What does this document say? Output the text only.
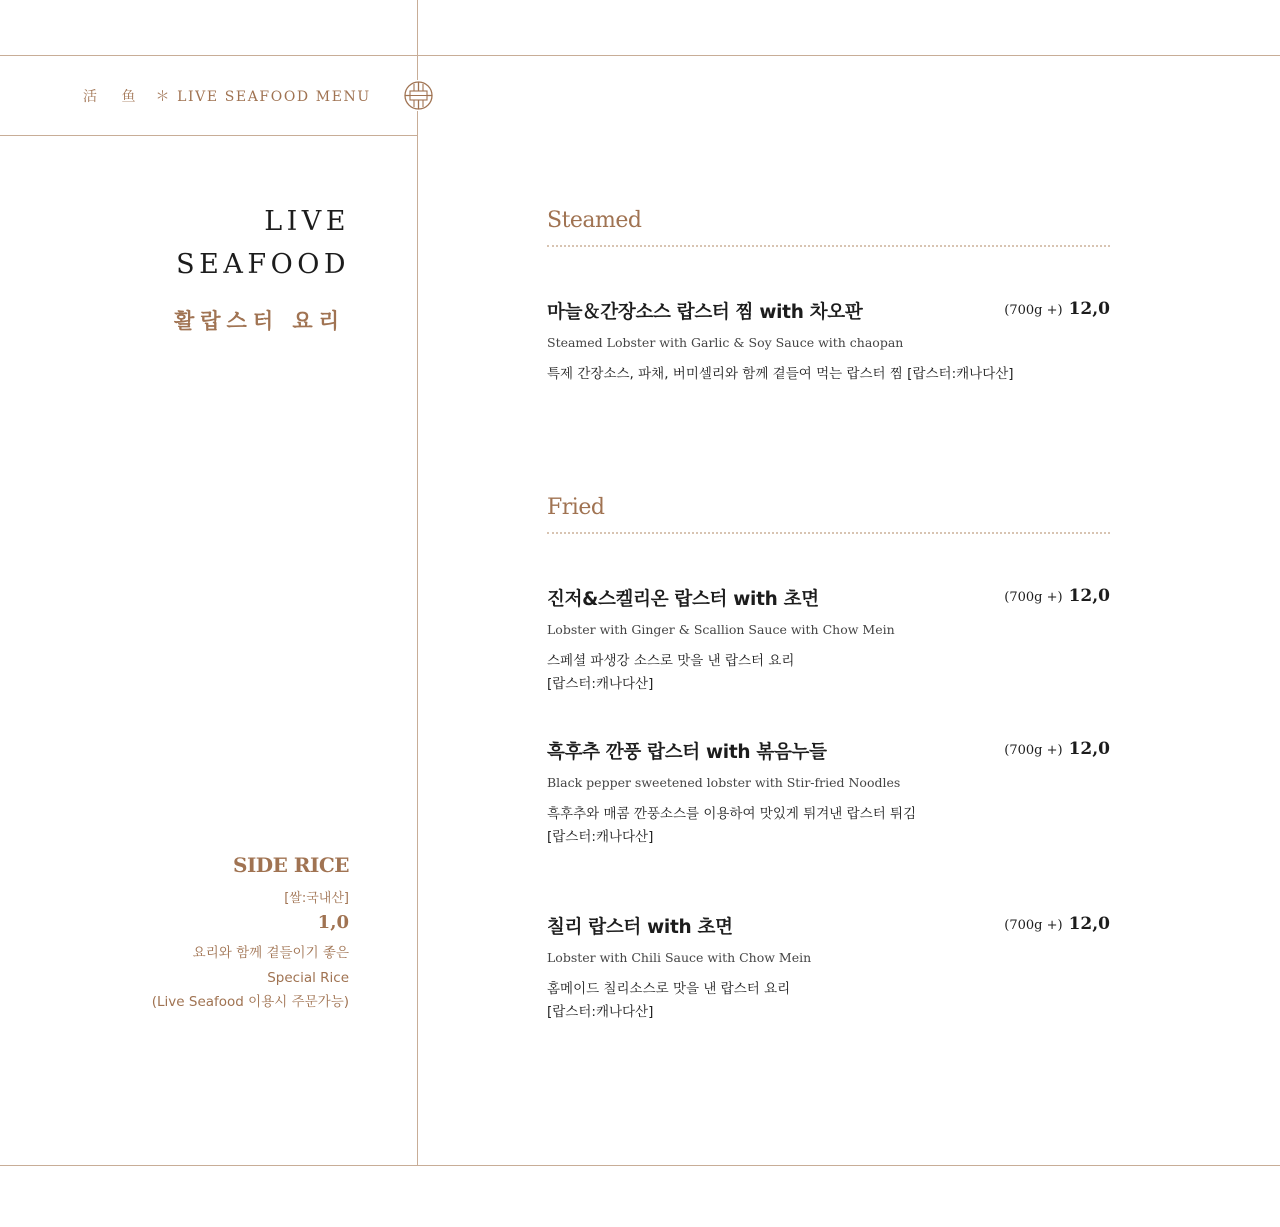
活 鱼 ＊ LIVE SEAFOOD MENU
LIVE
SEAFOOD
활랍스터 요리
SIDE RICE
[쌀:국내산]
1,0
요리와 함께 곁들이기 좋은
Special Rice
(Live Seafood 이용시 주문가능)
Steamed
마늘＆간장소스 랍스터 찜 with 차오판	(700g +) 12,0
Steamed Lobster with Garlic & Soy Sauce with chaopan
특제 간장소스, 파채, 버미셀리와 함께 곁들여 먹는 랍스터 찜 [랍스터:캐나다산]
Fried
진저&스켈리온 랍스터 with 초면	(700g +) 12,0
Lobster with Ginger & Scallion Sauce with Chow Mein
스페셜 파생강 소스로 맛을 낸 랍스터 요리
[랍스터:캐나다산]
흑후추 깐풍 랍스터 with 볶음누들	(700g +) 12,0
Black pepper sweetened lobster with Stir-fried Noodles
흑후추와 매콤 깐풍소스를 이용하여 맛있게 튀겨낸 랍스터 튀김
[랍스터:캐나다산]
칠리 랍스터 with 초면	(700g +) 12,0
Lobster with Chili Sauce with Chow Mein
홈메이드 칠리소스로 맛을 낸 랍스터 요리
[랍스터:캐나다산]
